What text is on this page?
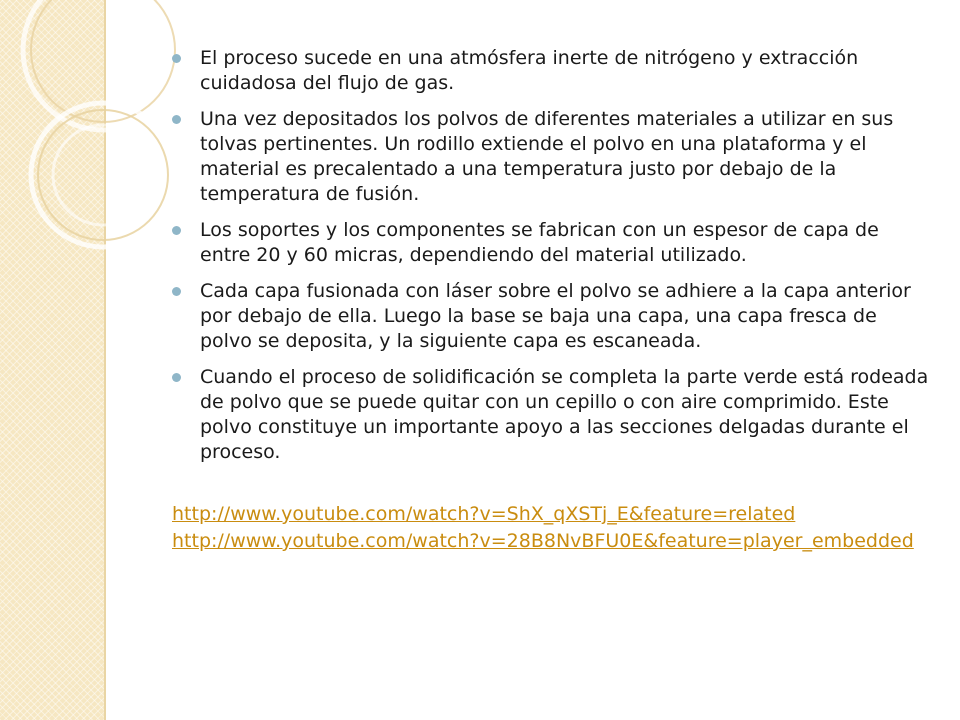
El proceso sucede en una atmósfera inerte de nitrógeno y extracción cuidadosa del flujo de gas.
Una vez depositados los polvos de diferentes materiales a utilizar en sus tolvas pertinentes. Un rodillo extiende el polvo en una plataforma y el material es precalentado a una temperatura justo por debajo de la temperatura de fusión.
Los soportes y los componentes se fabrican con un espesor de capa de entre 20 y 60 micras, dependiendo del material utilizado.
Cada capa fusionada con láser sobre el polvo se adhiere a la capa anterior por debajo de ella. Luego la base se baja una capa, una capa fresca de polvo se deposita, y la siguiente capa es escaneada.
Cuando el proceso de solidificación se completa la parte verde está rodeada de polvo que se puede quitar con un cepillo o con aire comprimido. Este polvo constituye un importante apoyo a las secciones delgadas durante el proceso.
http://www.youtube.com/watch?v=ShX_qXSTj_E&feature=related
http://www.youtube.com/watch?v=28B8NvBFU0E&feature=player_embedded
